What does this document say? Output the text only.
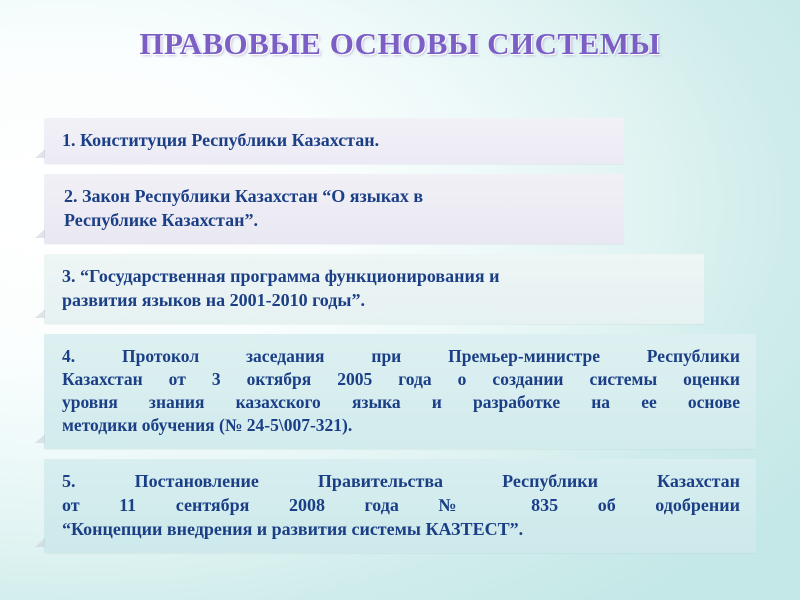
ПРАВОВЫЕ ОСНОВЫ СИСТЕМЫ
1. Конституция Республики Казахстан.
2. Закон Республики Казахстан “О языках в
Республике Казахстан”.
3. “Государственная программа функционирования и
развития языков на 2001-2010 годы”.
4. Протокол заседания при Премьер-министре Республики
Казахстан от 3 октября 2005 года о создании системы оценки
уровня знания казахского языка и разработке на ее основе
методики обучения (№ 24-5\007-321).
5. Постановление Правительства Республики Казахстан
от 11 сентября 2008 года № 835 об одобрении
“Концепции внедрения и развития системы КАЗТЕСТ”.
